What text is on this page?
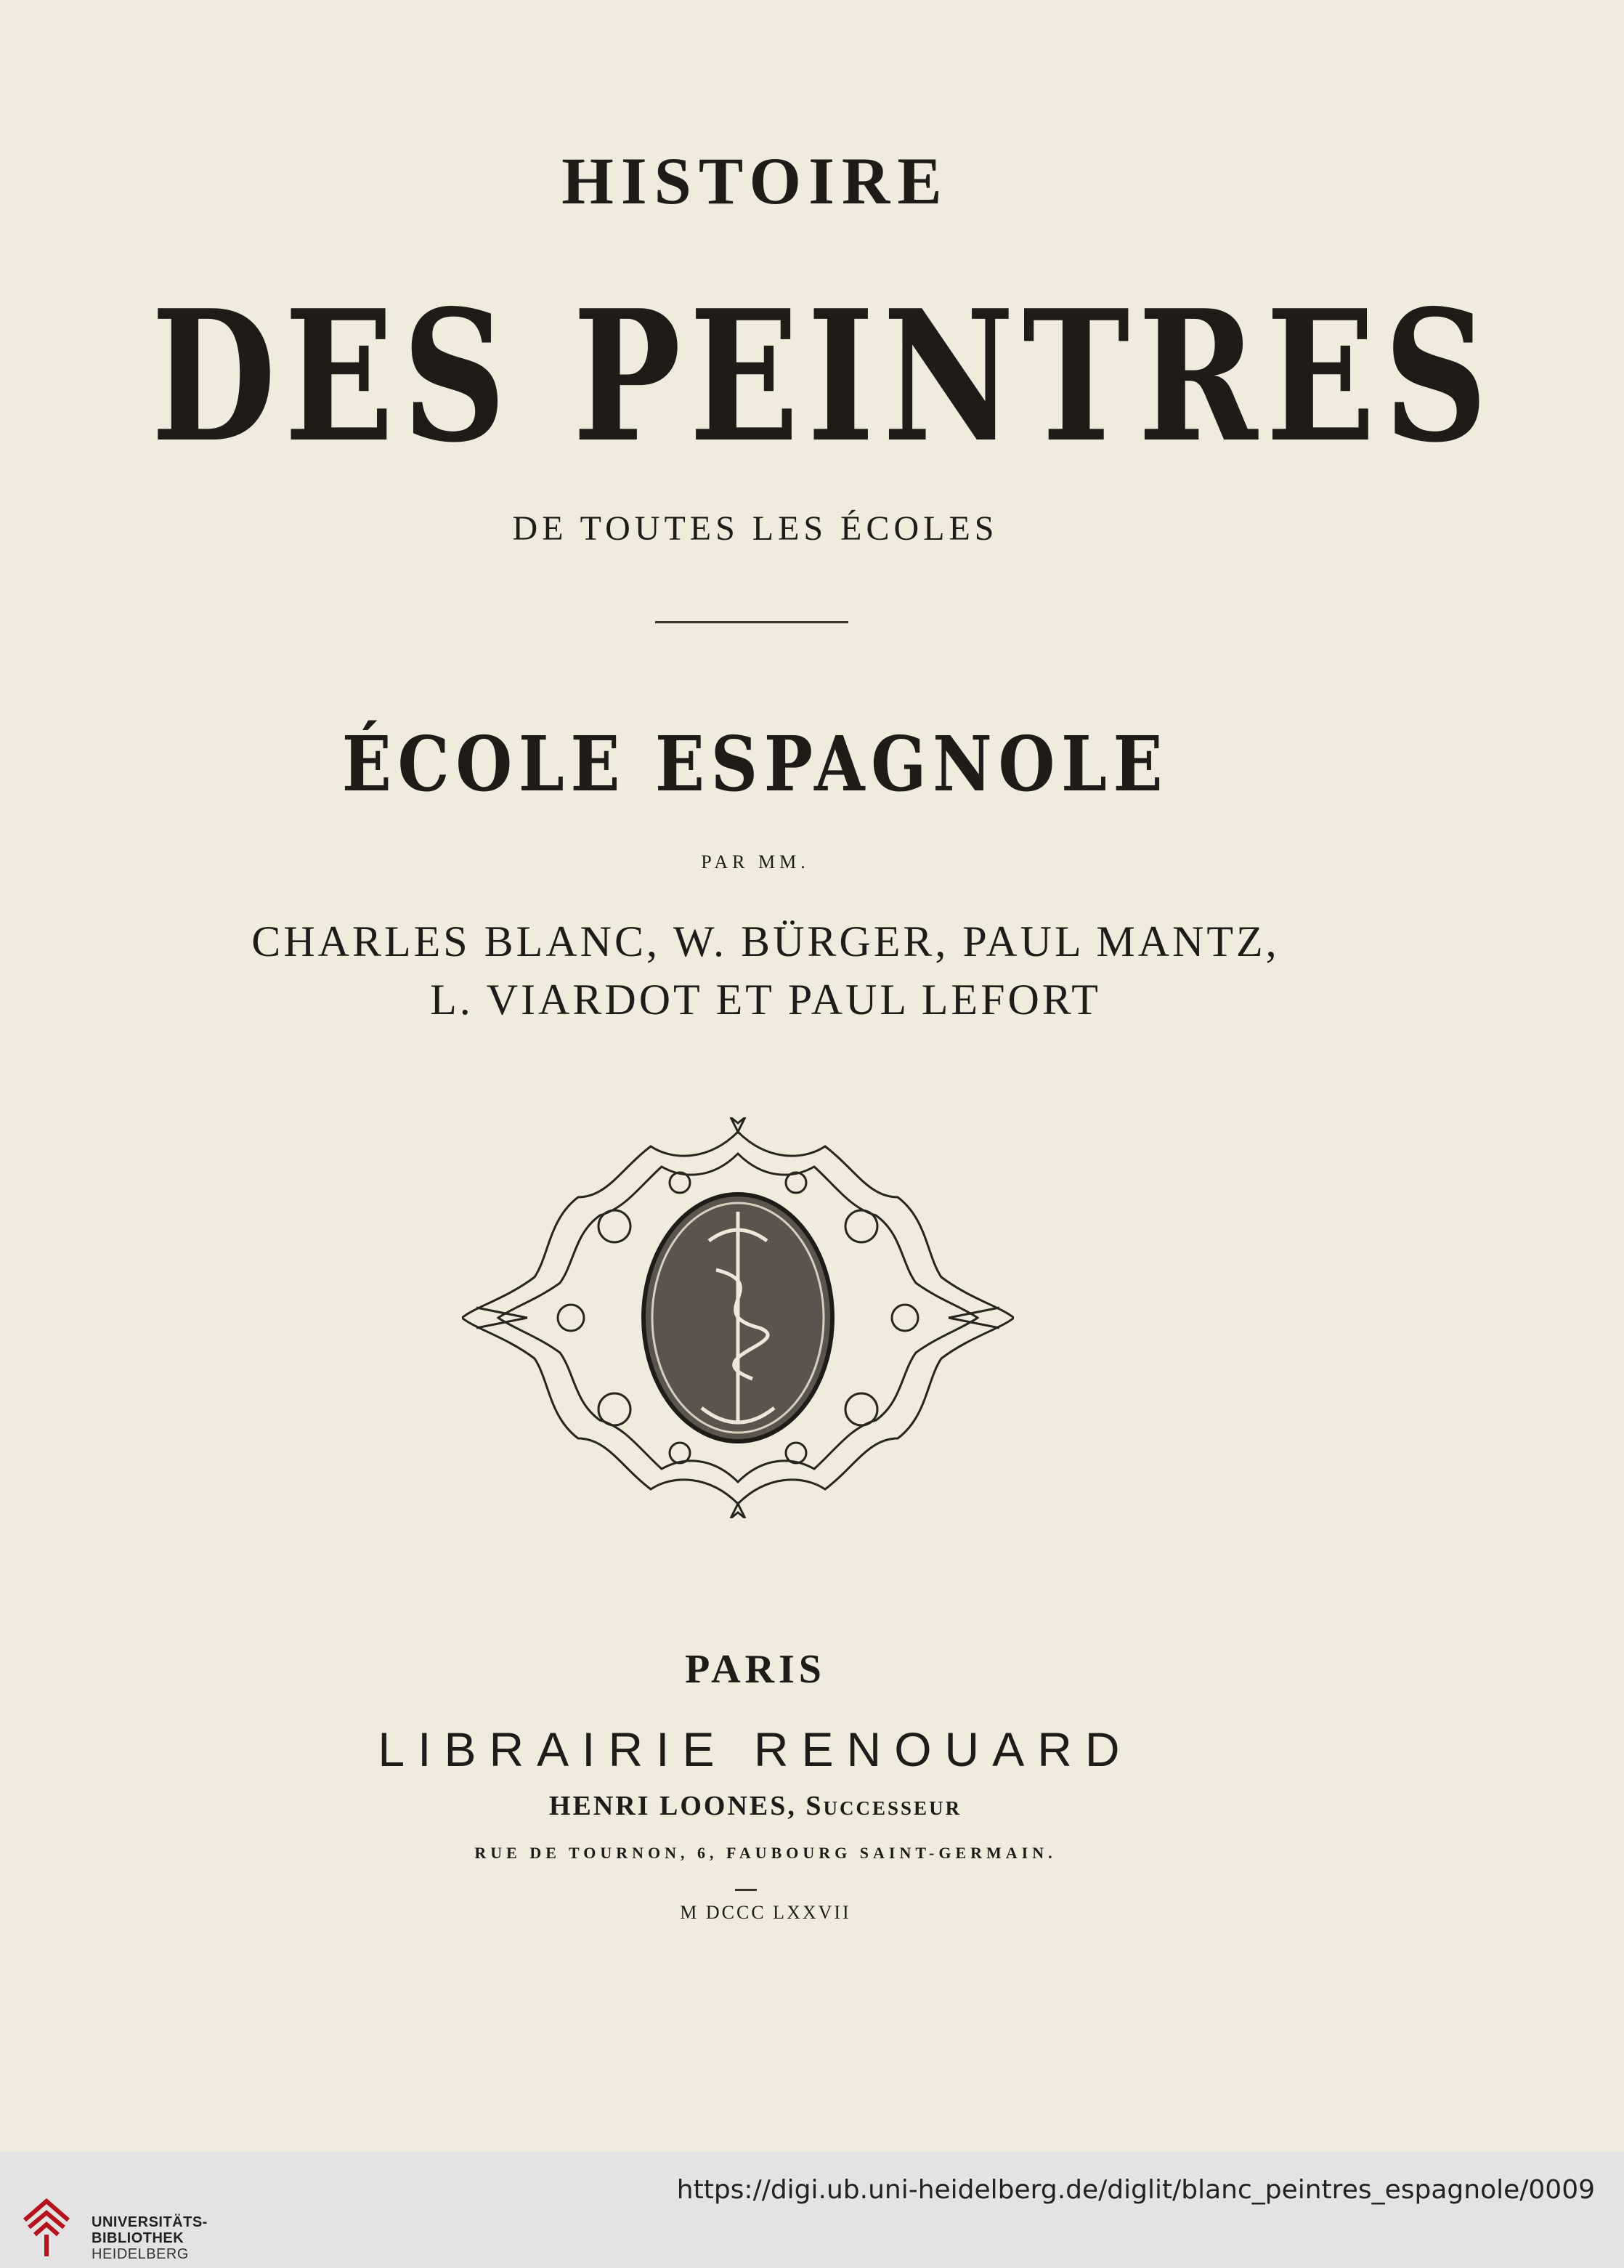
HISTOIRE
DES PEINTRES
DE TOUTES LES ÉCOLES
ÉCOLE ESPAGNOLE
PAR MM.
CHARLES BLANC, W. BÜRGER, PAUL MANTZ,
L. VIARDOT ET PAUL LEFORT
PARIS
LIBRAIRIE RENOUARD
HENRI LOONES, Successeur
RUE DE TOURNON, 6, FAUBOURG SAINT-GERMAIN.
M DCCC LXXVII
UNIVERSITÄTS-
BIBLIOTHEK
HEIDELBERG
https://digi.ub.uni-heidelberg.de/diglit/blanc_peintres_espagnole/0009
